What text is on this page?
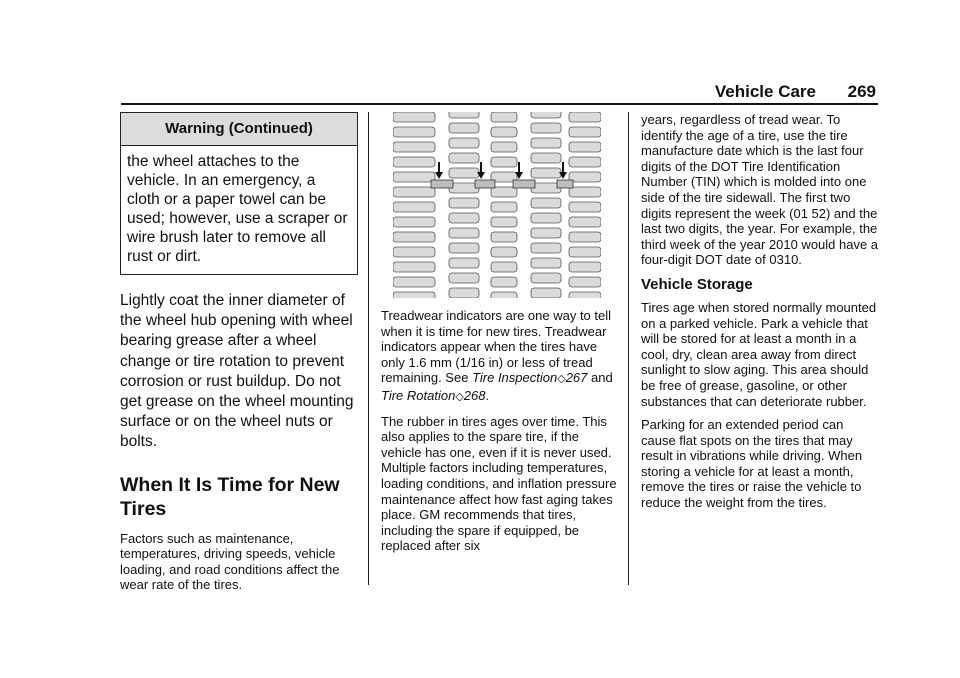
Vehicle Care 269
Warning (Continued)
the wheel attaches to the vehicle. In an emergency, a cloth or a paper towel can be used; however, use a scraper or wire brush later to remove all rust or dirt.

Lightly coat the inner diameter of the wheel hub opening with wheel bearing grease after a wheel change or tire rotation to prevent corrosion or rust buildup. Do not get grease on the wheel mounting surface or on the wheel nuts or bolts.

When It Is Time for New Tires

Factors such as maintenance, temperatures, driving speeds, vehicle loading, and road conditions affect the wear rate of the tires.

Treadwear indicators are one way to tell when it is time for new tires. Treadwear indicators appear when the tires have only 1.6 mm (1/16 in) or less of tread remaining. See Tire Inspection◇267 and
Tire Rotation◇268.

The rubber in tires ages over time. This also applies to the spare tire, if the vehicle has one, even if it is never used. Multiple factors including temperatures, loading conditions, and inflation pressure maintenance affect how fast aging takes place. GM recommends that tires, including the spare if equipped, be replaced after six

years, regardless of tread wear. To identify the age of a tire, use the tire manufacture date which is the last four digits of the DOT Tire Identification Number (TIN) which is molded into one side of the tire sidewall. The first two digits represent the week (01 52) and the last two digits, the year. For example, the third week of the year 2010 would have a four-digit DOT date of 0310.

Vehicle Storage

Tires age when stored normally mounted on a parked vehicle. Park a vehicle that will be stored for at least a month in a cool, dry, clean area away from direct sunlight to slow aging. This area should be free of grease, gasoline, or other substances that can deteriorate rubber.

Parking for an extended period can cause flat spots on the tires that may result in vibrations while driving. When storing a vehicle for at least a month, remove the tires or raise the vehicle to reduce the weight from the tires.
